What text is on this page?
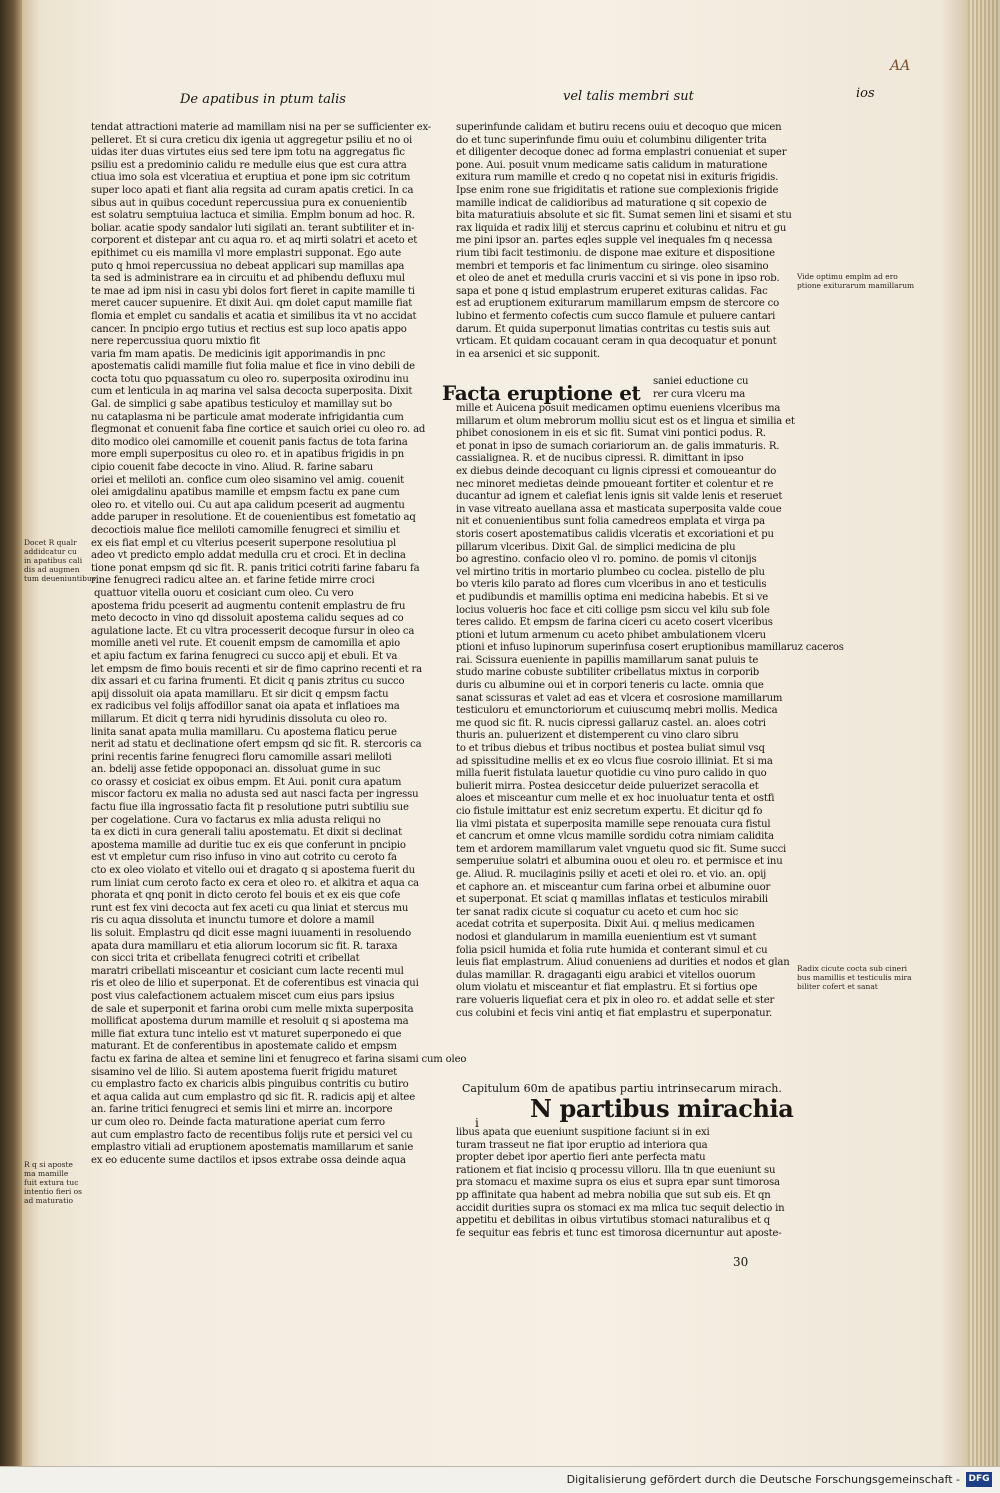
De apatibus in ptum talis	vel talis membri sut	ios
AA
tendat attractioni materie ad mamillam nisi na per se sufficienter ex-
pelleret. Et si cura creticu dix igenia ut aggregetur psiliu et no oi
uidas iter duas virtutes eius sed tere ipm totu na aggregatus fic
psiliu est a predominio calidu re medulle eius que est cura attra
ctiua imo sola est vlceratiua et eruptiua et pone ipm sic cotritum
super loco apati et fiant alia regsita ad curam apatis cretici. In ca
sibus aut in quibus cocedunt repercussiua pura ex conuenientib
est solatru semptuiua lactuca et similia. Emplm bonum ad hoc. R.
boliar. acatie spody sandalor luti sigilati an. terant subtiliter et in-
corporent et distepar ant cu aqua ro. et aq mirti solatri et aceto et
epithimet cu eis mamilla vl more emplastri supponat. Ego aute
puto q hmoi repercussiua no debeat applicari sup mamillas apa
ta sed is administrare ea in circuitu et ad phibendu defluxu mul
te mae ad ipm nisi in casu ybi dolos fort fieret in capite mamille ti
meret caucer supuenire. Et dixit Aui. qm dolet caput mamille fiat
flomia et emplet cu sandalis et acatia et similibus ita vt no accidat
cancer. In pncipio ergo tutius et rectius est sup loco apatis appo
nere repercussiua quoru mixtio fit
varia fm mam apatis. De medicinis igit apporimandis in pnc
apostematis calidi mamille fiut folia malue et fice in vino debili de
cocta totu quo pquassatum cu oleo ro. superposita oxirodinu inu
cum et lenticula in aq marina vel salsa decocta superposita. Dixit
Gal. de simplici g sabe apatibus testiculoy et mamillay sut bo
nu cataplasma ni be particule amat moderate infrigidantia cum
flegmonat et conuenit faba fine cortice et sauich oriei cu oleo ro. ad
dito modico olei camomille et couenit panis factus de tota farina
more empli superpositus cu oleo ro. et in apatibus frigidis in pn
cipio couenit fabe decocte in vino. Aliud. R. farine sabaru
oriei et meliloti an. confice cum oleo sisamino vel amig. couenit
olei amigdalinu apatibus mamille et empsm factu ex pane cum
oleo ro. et vitello oui. Cu aut apa calidum pceserit ad augmentu
adde paruper in resolutione. Et de couenientibus est fometatio aq
decoctiois malue fice meliloti camomille fenugreci et similiu et
ex eis fiat empl et cu vlterius pceserit superpone resolutiua pl
adeo vt predicto emplo addat medulla cru et croci. Et in declina
tione ponat empsm qd sic fit. R. panis tritici cotriti farine fabaru fa
rine fenugreci radicu altee an. et farine fetide mirre croci
quattuor vitella ouoru et cosiciant cum oleo. Cu vero
apostema fridu pceserit ad augmentu contenit emplastru de fru
meto decocto in vino qd dissoluit apostema calidu seques ad co
agulatione lacte. Et cu vltra processerit decoque fursur in oleo ca
momille aneti vel rute. Et couenit empsm de camomilla et apio
et apiu factum ex farina fenugreci cu succo apij et ebuli. Et va
let empsm de fimo bouis recenti et sir de fimo caprino recenti et ra
dix assari et cu farina frumenti. Et dicit q panis ztritus cu succo
apij dissoluit oia apata mamillaru. Et sir dicit q empsm factu
ex radicibus vel folijs affodillor sanat oia apata et inflatioes ma
millarum. Et dicit q terra nidi hyrudinis dissoluta cu oleo ro.
linita sanat apata mulia mamillaru. Cu apostema flaticu perue
nerit ad statu et declinatione ofert empsm qd sic fit. R. stercoris ca
prini recentis farine fenugreci floru camomille assari meliloti
an. bdelij asse fetide oppoponaci an. dissoluat gume in suc
co orassy et cosiciat ex oibus empm. Et Aui. ponit cura apatum
miscor factoru ex malia no adusta sed aut nasci facta per ingressu
factu fiue illa ingrossatio facta fit p resolutione putri subtiliu sue
per cogelatione. Cura vo factarus ex mlia adusta reliqui no
ta ex dicti in cura generali taliu apostematu. Et dixit si declinat
apostema mamille ad duritie tuc ex eis que conferunt in pncipio
est vt empletur cum riso infuso in vino aut cotrito cu ceroto fa
cto ex oleo violato et vitello oui et dragato q si apostema fuerit du
rum liniat cum ceroto facto ex cera et oleo ro. et alkitra et aqua ca
phorata et qnq ponit in dicto ceroto fel bouis et ex eis que cofe
runt est fex vini decocta aut fex aceti cu qua liniat et stercus mu
ris cu aqua dissoluta et inunctu tumore et dolore a mamil
lis soluit. Emplastru qd dicit esse magni iuuamenti in resoluendo
apata dura mamillaru et etia aliorum locorum sic fit. R. taraxa
con sicci trita et cribellata fenugreci cotriti et cribellat
maratri cribellati misceantur et cosiciant cum lacte recenti mul
ris et oleo de lilio et superponat. Et de coferentibus est vinacia qui
post vius calefactionem actualem miscet cum eius pars ipsius
de sale et superponit et farina orobi cum melle mixta superposita
mollificat apostema durum mamille et resoluit q si apostema ma
mille fiat extura tunc intelio est vt maturet superponedo ei que
maturant. Et de conferentibus in apostemate calido et empsm
factu ex farina de altea et semine lini et fenugreco et farina sisami cum oleo
sisamino vel de lilio. Si autem apostema fuerit frigidu maturet
cu emplastro facto ex charicis albis pinguibus contritis cu butiro
et aqua calida aut cum emplastro qd sic fit. R. radicis apij et altee
an. farine tritici fenugreci et semis lini et mirre an. incorpore
ur cum oleo ro. Deinde facta maturatione aperiat cum ferro
aut cum emplastro facto de recentibus folijs rute et persici vel cu
emplastro vitiali ad eruptionem apostematis mamillarum et sanie
ex eo educente sume dactilos et ipsos extrabe ossa deinde aqua
superinfunde calidam et butiru recens ouiu et decoquo que micen
do et tunc superinfunde fimu ouiu et columbinu diligenter trita
et diligenter decoque donec ad forma emplastri conueniat et super
pone. Aui. posuit vnum medicame satis calidum in maturatione
exitura rum mamille et credo q no copetat nisi in exituris frigidis.
Ipse enim rone sue frigiditatis et ratione sue complexionis frigide
mamille indicat de calidioribus ad maturatione q sit copexio de
bita maturatiuis absolute et sic fit. Sumat semen lini et sisami et stu
rax liquida et radix lilij et stercus caprinu et colubinu et nitru et gu
me pini ipsor an. partes eqles supple vel inequales fm q necessa
rium tibi facit testimoniu. de dispone mae exiture et dispositione
membri et temporis et fac linimentum cu siringe. oleo sisamino
et oleo de anet et medulla cruris vaccini et si vis pone in ipso rob.
sapa et pone q istud emplastrum eruperet exituras calidas. Fac
est ad eruptionem exiturarum mamillarum empsm de stercore co
lubino et fermento cofectis cum succo flamule et puluere cantari
darum. Et quida superponut limatias contritas cu testis suis aut
vrticam. Et quidam cocauant ceram in qua decoquatur et ponunt
in ea arsenici et sic supponit.
Facta eruptione et saniei eductione cu
rer cura vlceru ma
mille et Auicena posuit medicamen optimu eueniens vlceribus ma
millarum et olum mebrorum molliu sicut est os et lingua et similia et
phibet conosionem in eis et sic fit. Sumat vini pontici podus. R.
et ponat in ipso de sumach coriariorum an. de galis immaturis. R.
cassialignea. R. et de nucibus cipressi. R. dimittant in ipso
ex diebus deinde decoquant cu lignis cipressi et comoueantur do
nec minoret medietas deinde pmoueant fortiter et colentur et re
ducantur ad ignem et calefiat lenis ignis sit valde lenis et reseruet
in vase vitreato auellana assa et masticata superposita valde coue
nit et conuenientibus sunt folia camedreos emplata et virga pa
storis cosert apostematibus calidis vlceratis et excoriationi et pu
pillarum vlceribus. Dixit Gal. de simplici medicina de plu
bo agrestino. confacio oleo vl ro. pomino. de pomis vl citonijs
vel mirtino tritis in mortario plumbeo cu coclea. pistello de plu
bo vteris kilo parato ad flores cum vlceribus in ano et testiculis
et pudibundis et mamillis optima eni medicina habebis. Et si ve
locius volueris hoc face et citi collige psm siccu vel kilu sub fole
teres calido. Et empsm de farina ciceri cu aceto cosert vlceribus
ptioni et lutum armenum cu aceto phibet ambulationem vlceru
ptioni et infuso lupinorum superinfusa cosert eruptionibus mamillaruz caceros
rai. Scissura eueniente in papillis mamillarum sanat puluis te
studo marine cobuste subtiliter cribellatus mixtus in corporib
duris cu albumine oui et in corpori teneris cu lacte. omnia que
sanat scissuras et valet ad eas et vlcera et cosrosione mamillarum
testiculoru et emunctoriorum et cuiuscumq mebri mollis. Medica
me quod sic fit. R. nucis cipressi gallaruz castel. an. aloes cotri
thuris an. puluerizent et distemperent cu vino claro sibru
to et tribus diebus et tribus noctibus et postea buliat simul vsq
ad spissitudine mellis et ex eo vlcus fiue cosroio illiniat. Et si ma
milla fuerit fistulata lauetur quotidie cu vino puro calido in quo
bulierit mirra. Postea desiccetur deide puluerizet seracolla et
aloes et misceantur cum melle et ex hoc inuoluatur tenta et ostfi
cio fistule imittatur est eniz secretum expertu. Et dicitur qd fo
lia vlmi pistata et superposita mamille sepe renouata cura fistul
et cancrum et omne vlcus mamille sordidu cotra nimiam calidita
tem et ardorem mamillarum valet vnguetu quod sic fit. Sume succi
semperuiue solatri et albumina ouou et oleu ro. et permisce et inu
ge. Aliud. R. mucilaginis psiliy et aceti et olei ro. et vio. an. opij
et caphore an. et misceantur cum farina orbei et albumine ouor
et superponat. Et sciat q mamillas inflatas et testiculos mirabili
ter sanat radix cicute si coquatur cu aceto et cum hoc sic
acedat cotrita et superposita. Dixit Aui. q melius medicamen
nodosi et glandularum in mamilla euenientium est vt sumant
folia psicil humida et folia rute humida et conterant simul et cu
leuis fiat emplastrum. Aliud conueniens ad durities et nodos et glan
dulas mamillar. R. dragaganti eigu arabici et vitellos ouorum
olum violatu et misceantur et fiat emplastru. Et si fortius ope
rare volueris liquefiat cera et pix in oleo ro. et addat selle et ster
cus colubini et fecis vini antiq et fiat emplastru et superponatur.
Capitulum 60m de apatibus partiu intrinsecarum mirach.
i N partibus mirachia
libus apata que eueniunt suspitione faciunt si in exi
turam trasseut ne fiat ipor eruptio ad interiora qua
propter debet ipor apertio fieri ante perfecta matu
rationem et fiat incisio q processu villoru. Illa tn que eueniunt su
pra stomacu et maxime supra os eius et supra epar sunt timorosa
pp affinitate qua habent ad mebra nobilia que sut sub eis. Et qn
accidit durities supra os stomaci ex ma mlica tuc sequit delectio in
appetitu et debilitas in oibus virtutibus stomaci naturalibus et q
fe sequitur eas febris et tunc est timorosa dicernuntur aut aposte-
30
Docet R qualr
addidcatur cu
in apatibus cali
dis ad augmen
tum deueniuntibus
R q si aposte
ma mamille
fuit extura tuc
intentio fieri os
ad maturatio
Vide optimu emplm ad ero
ptione exiturarum mamillarum
Radix cicute cocta sub cineri
bus mamillis et testiculis mira
biliter cofert et sanat
Digitalisierung gefördert durch die Deutsche Forschungsgemeinschaft - DFG
